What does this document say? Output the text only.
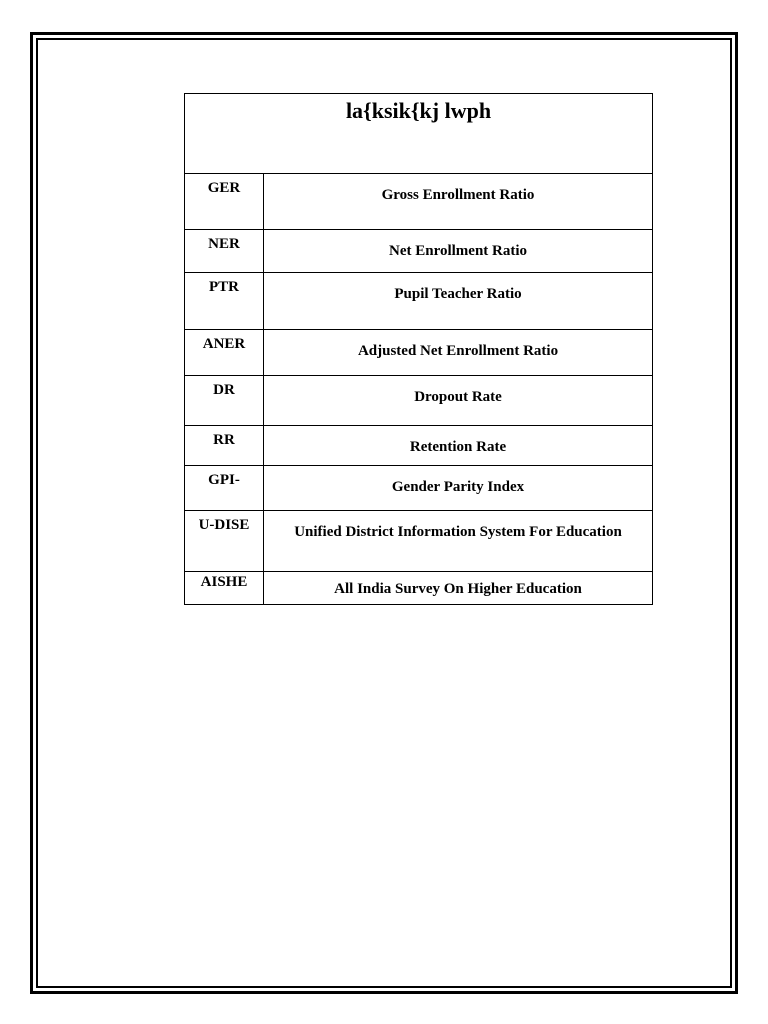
la{ksik{kj lwph	
GER	Gross Enrollment Ratio
NER	Net Enrollment Ratio
PTR	Pupil Teacher Ratio
ANER	Adjusted Net Enrollment Ratio
DR	Dropout Rate
RR	Retention Rate
GPI-	Gender Parity Index
U-DISE	Unified District Information System For Education
AISHE	All India Survey On Higher Education
